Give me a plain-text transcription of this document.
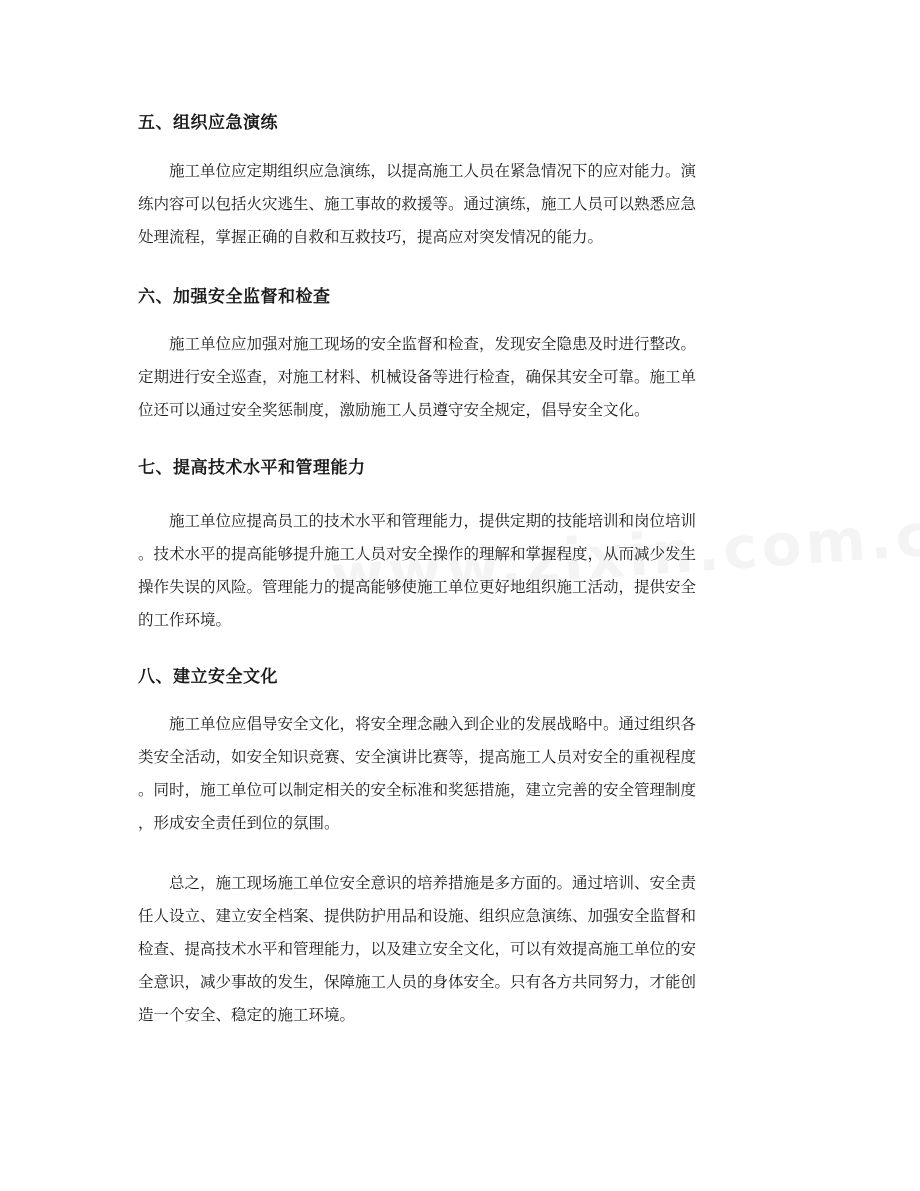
五、组织应急演练

施工单位应定期组织应急演练，以提高施工人员在紧急情况下的应对能力。演
练内容可以包括火灾逃生、施工事故的救援等。通过演练，施工人员可以熟悉应急
处理流程，掌握正确的自救和互救技巧，提高应对突发情况的能力。

六、加强安全监督和检查

施工单位应加强对施工现场的安全监督和检查，发现安全隐患及时进行整改。
定期进行安全巡查，对施工材料、机械设备等进行检查，确保其安全可靠。施工单
位还可以通过安全奖惩制度，激励施工人员遵守安全规定，倡导安全文化。

七、提高技术水平和管理能力

施工单位应提高员工的技术水平和管理能力，提供定期的技能培训和岗位培训
。技术水平的提高能够提升施工人员对安全操作的理解和掌握程度，从而减少发生
操作失误的风险。管理能力的提高能够使施工单位更好地组织施工活动，提供安全
的工作环境。

八、建立安全文化

施工单位应倡导安全文化，将安全理念融入到企业的发展战略中。通过组织各
类安全活动，如安全知识竞赛、安全演讲比赛等，提高施工人员对安全的重视程度
。同时，施工单位可以制定相关的安全标准和奖惩措施，建立完善的安全管理制度
，形成安全责任到位的氛围。

总之，施工现场施工单位安全意识的培养措施是多方面的。通过培训、安全责
任人设立、建立安全档案、提供防护用品和设施、组织应急演练、加强安全监督和
检查、提高技术水平和管理能力，以及建立安全文化，可以有效提高施工单位的安
全意识，减少事故的发生，保障施工人员的身体安全。只有各方共同努力，才能创
造一个安全、稳定的施工环境。
